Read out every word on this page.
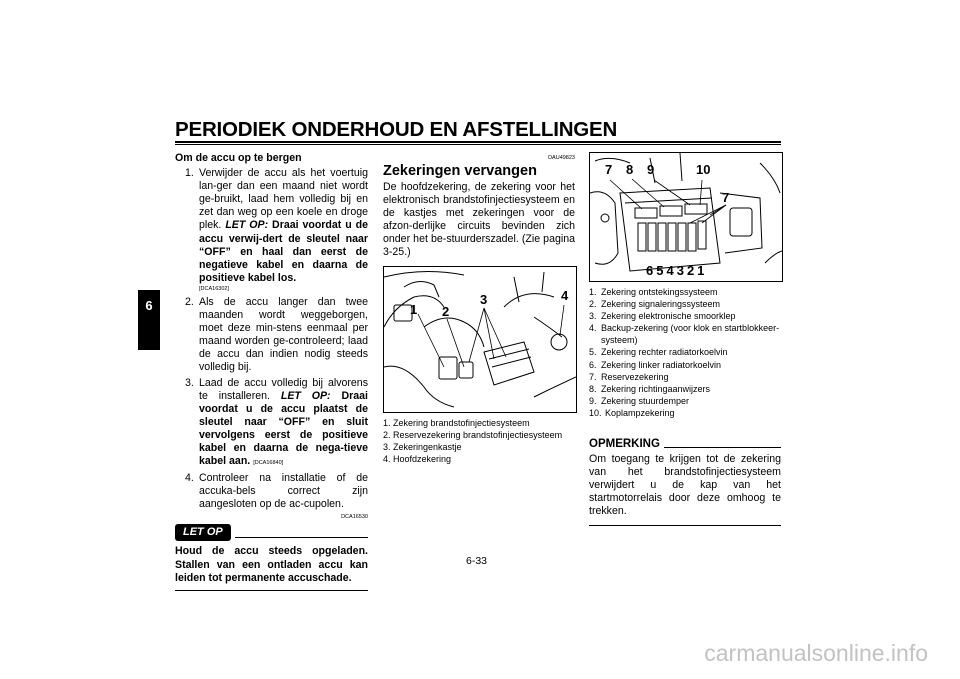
PERIODIEK ONDERHOUD EN AFSTELLINGEN
6
Om de accu op te bergen
1. Verwijder de accu als het voertuig lan-ger dan een maand niet wordt ge-bruikt, laad hem volledig bij en zet dan weg op een koele en droge plek. LET OP: Draai voordat u de accu verwij-dert de sleutel naar “OFF” en haal dan eerst de negatieve kabel en daarna de positieve kabel los.
[DCA16302]
2. Als de accu langer dan twee maanden wordt weggeborgen, moet deze min-stens eenmaal per maand worden ge-controleerd; laad de accu dan indien nodig steeds volledig bij.
3. Laad de accu volledig bij alvorens te installeren. LET OP: Draai voordat u de accu plaatst de sleutel naar “OFF” en sluit vervolgens eerst de positieve kabel en daarna de nega-tieve kabel aan. [DCA16840]
4. Controleer na installatie of de accuka-bels correct zijn aangesloten op de ac-cupolen.
DCA16530
LET OP
Houd de accu steeds opgeladen. Stallen van een ontladen accu kan leiden tot permanente accuschade.
DAU49823
Zekeringen vervangen
De hoofdzekering, de zekering voor het elektronisch brandstofinjectiesysteem en de kastjes met zekeringen voor de afzon-derlijke circuits bevinden zich onder het be-stuurderszadel. (Zie pagina 3-25.)
1 2
3	4
1. Zekering brandstofinjectiesysteem
2. Reservezekering brandstofinjectiesysteem
3. Zekeringenkastje
4. Hoofdzekering
7 8 9	10
7
6 5 4 3 2 1
1. Zekering ontstekingssysteem
2. Zekering signaleringssysteem
3. Zekering elektronische smoorklep
4. Backup-zekering (voor klok en startblokkeer-systeem)
5. Zekering rechter radiatorkoelvin
6. Zekering linker radiatorkoelvin
7. Reservezekering
8. Zekering richtingaanwijzers
9. Zekering stuurdemper
10. Koplampzekering
OPMERKING
Om toegang te krijgen tot de zekering van het brandstofinjectiesysteem verwijdert u de kap van het startmotorrelais door deze omhoog te trekken.
6-33
carmanualsonline.info
